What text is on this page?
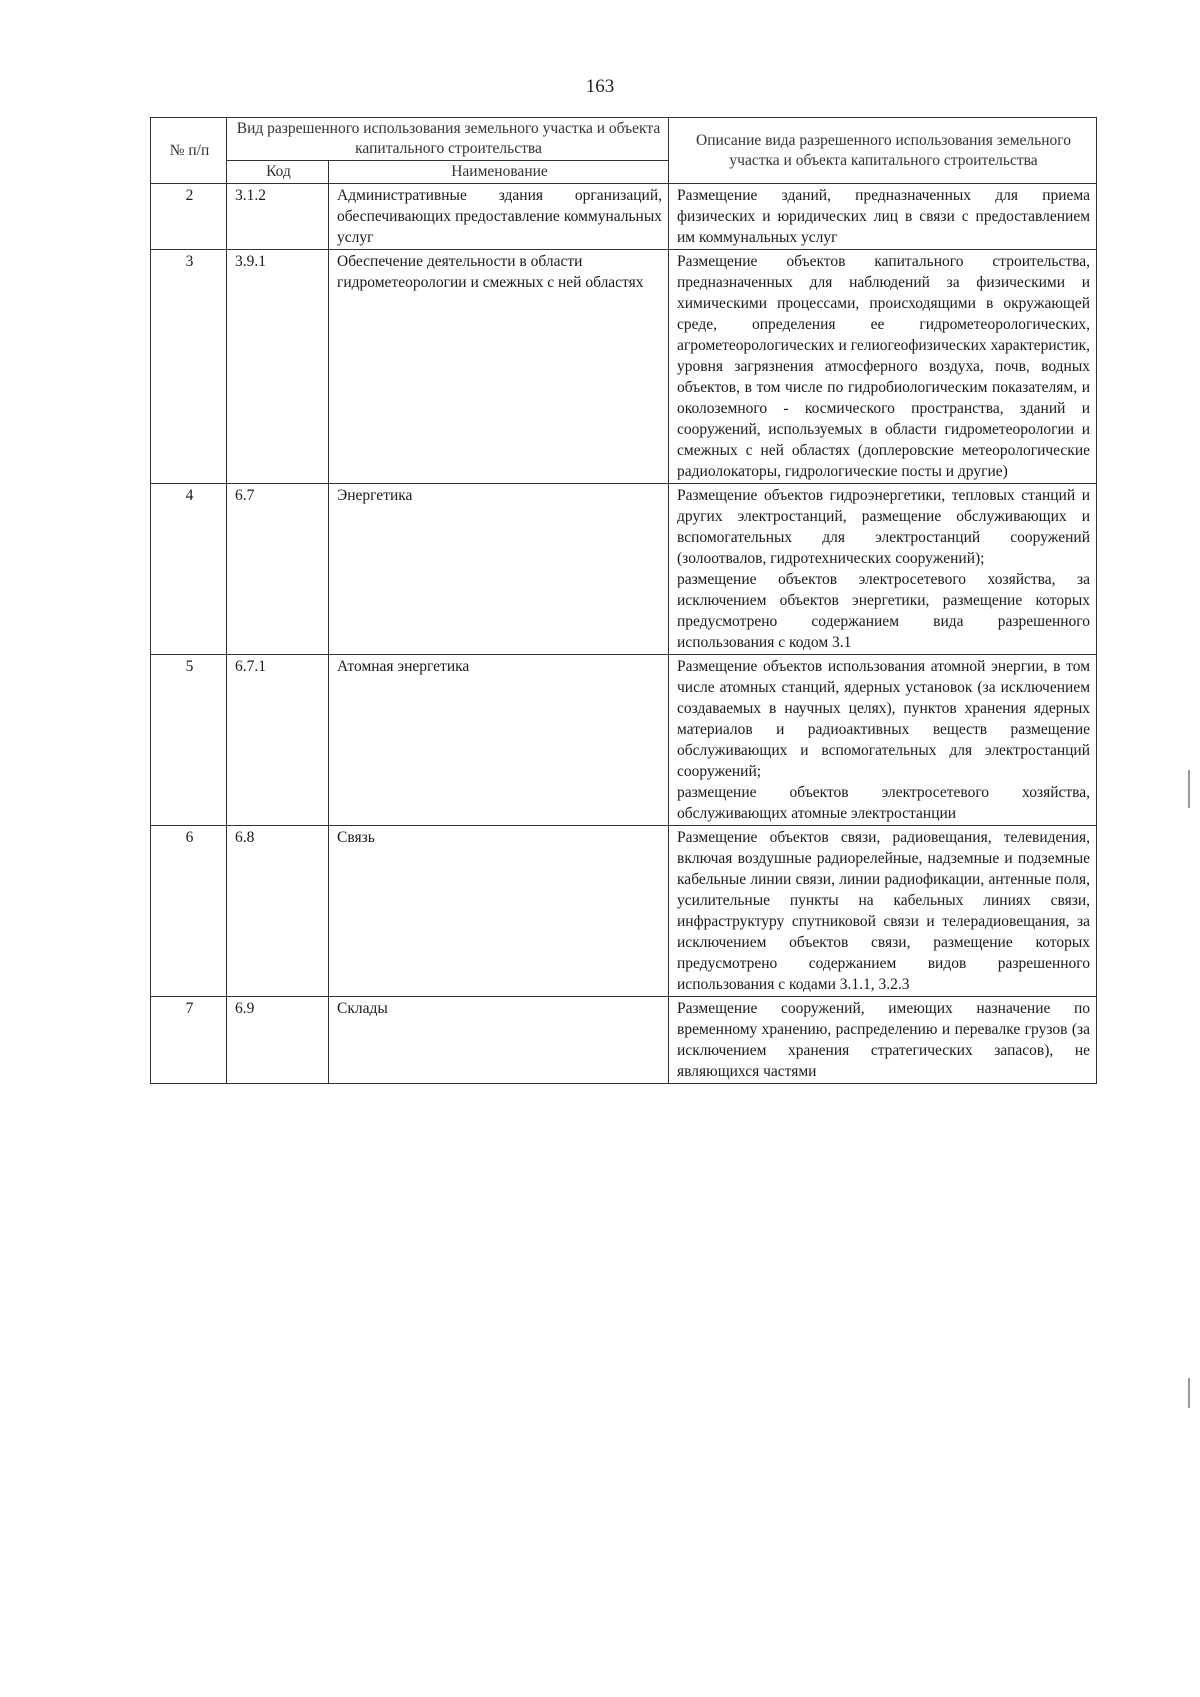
163
№ п/п	Вид разрешенного использования земельного участка и объекта капитального строительства		Описание вида разрешенного использования земельного участка и объекта капитального строительства
	Код	Наименование	
2	3.1.2	Административные здания организаций, обеспечивающих предоставление коммунальных услуг	Размещение зданий, предназначенных для приема физических и юридических лиц в связи с предоставлением им коммунальных услуг

3	3.9.1	Обеспечение деятельности в области гидрометеорологии и смежных с ней областях	Размещение объектов капитального строительства, предназначенных для наблюдений за физическими и химическими процессами, происходящими в окружающей среде, определения ее гидрометеорологических, агрометеорологических и гелиогеофизических характеристик, уровня загрязнения атмосферного воздуха, почв, водных объектов, в том числе по гидробиологическим показателям, и околоземного - космического пространства, зданий и сооружений, используемых в области гидрометеорологии и смежных с ней областях (доплеровские метеорологические радиолокаторы, гидрологические посты и другие)

4	6.7	Энергетика	Размещение объектов гидроэнергетики, тепловых станций и других электростанций, размещение обслуживающих и вспомогательных для электростанций сооружений (золоотвалов, гидротехнических сооружений);
размещение объектов электросетевого хозяйства, за исключением объектов энергетики, размещение которых предусмотрено содержанием вида разрешенного использования с кодом 3.1

5	6.7.1	Атомная энергетика	Размещение объектов использования атомной энергии, в том числе атомных станций, ядерных установок (за исключением создаваемых в научных целях), пунктов хранения ядерных материалов и радиоактивных веществ размещение обслуживающих и вспомогательных для электростанций сооружений;
размещение объектов электросетевого хозяйства, обслуживающих атомные электростанции

6	6.8	Связь	Размещение объектов связи, радиовещания, телевидения, включая воздушные радиорелейные, надземные и подземные кабельные линии связи, линии радиофикации, антенные поля, усилительные пункты на кабельных линиях связи, инфраструктуру спутниковой связи и телерадиовещания, за исключением объектов связи, размещение которых предусмотрено содержанием видов разрешенного использования с кодами 3.1.1, 3.2.3

7	6.9	Склады	Размещение сооружений, имеющих назначение по временному хранению, распределению и перевалке грузов (за исключением хранения стратегических запасов), не являющихся частями
